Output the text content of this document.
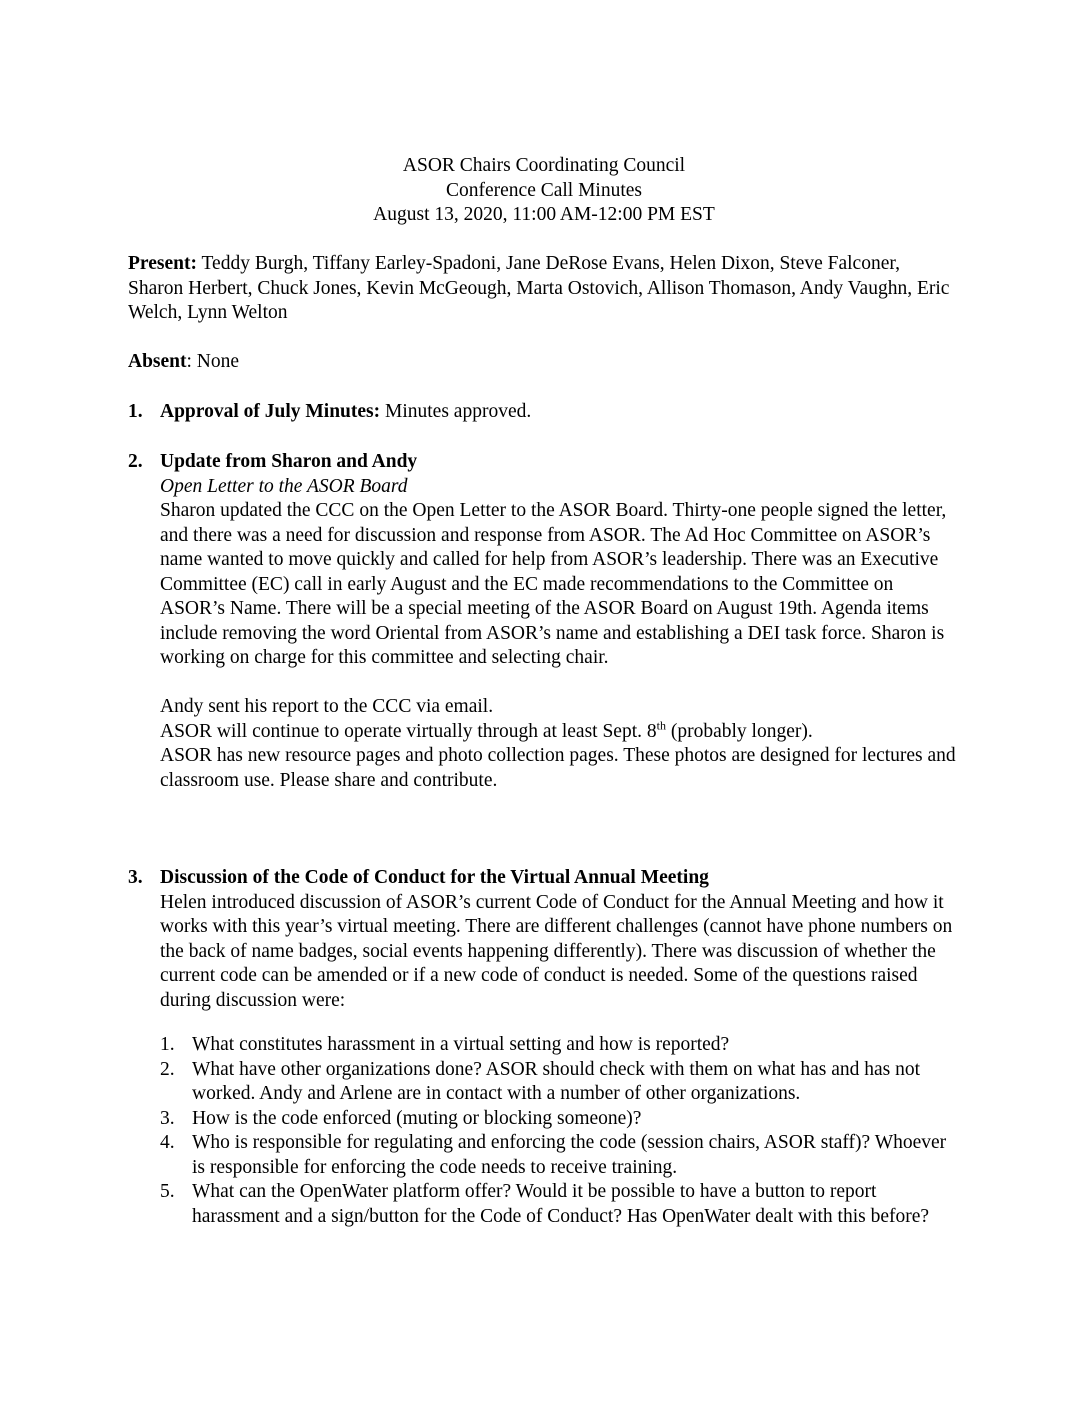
ASOR Chairs Coordinating Council
Conference Call Minutes
August 13, 2020, 11:00 AM-12:00 PM EST
Present: Teddy Burgh, Tiffany Earley-Spadoni, Jane DeRose Evans, Helen Dixon, Steve Falconer, Sharon Herbert, Chuck Jones, Kevin McGeough, Marta Ostovich, Allison Thomason, Andy Vaughn, Eric Welch, Lynn Welton
Absent: None
1. Approval of July Minutes: Minutes approved.
2. Update from Sharon and Andy
Open Letter to the ASOR Board

Sharon updated the CCC on the Open Letter to the ASOR Board. Thirty-one people signed the letter, and there was a need for discussion and response from ASOR. The Ad Hoc Committee on ASOR’s name wanted to move quickly and called for help from ASOR’s leadership. There was an Executive Committee (EC) call in early August and the EC made recommendations to the Committee on ASOR’s Name. There will be a special meeting of the ASOR Board on August 19th. Agenda items include removing the word Oriental from ASOR’s name and establishing a DEI task force. Sharon is working on charge for this committee and selecting chair.

Andy sent his report to the CCC via email.
ASOR will continue to operate virtually through at least Sept. 8th (probably longer).
ASOR has new resource pages and photo collection pages. These photos are designed for lectures and classroom use. Please share and contribute.
3. Discussion of the Code of Conduct for the Virtual Annual Meeting

Helen introduced discussion of ASOR’s current Code of Conduct for the Annual Meeting and how it works with this year’s virtual meeting. There are different challenges (cannot have phone numbers on the back of name badges, social events happening differently). There was discussion of whether the current code can be amended or if a new code of conduct is needed. Some of the questions raised during discussion were:

1. What constitutes harassment in a virtual setting and how is reported?
2. What have other organizations done? ASOR should check with them on what has and has not worked. Andy and Arlene are in contact with a number of other organizations.
3. How is the code enforced (muting or blocking someone)?
4. Who is responsible for regulating and enforcing the code (session chairs, ASOR staff)? Whoever is responsible for enforcing the code needs to receive training.
5. What can the OpenWater platform offer? Would it be possible to have a button to report harassment and a sign/button for the Code of Conduct? Has OpenWater dealt with this before?
